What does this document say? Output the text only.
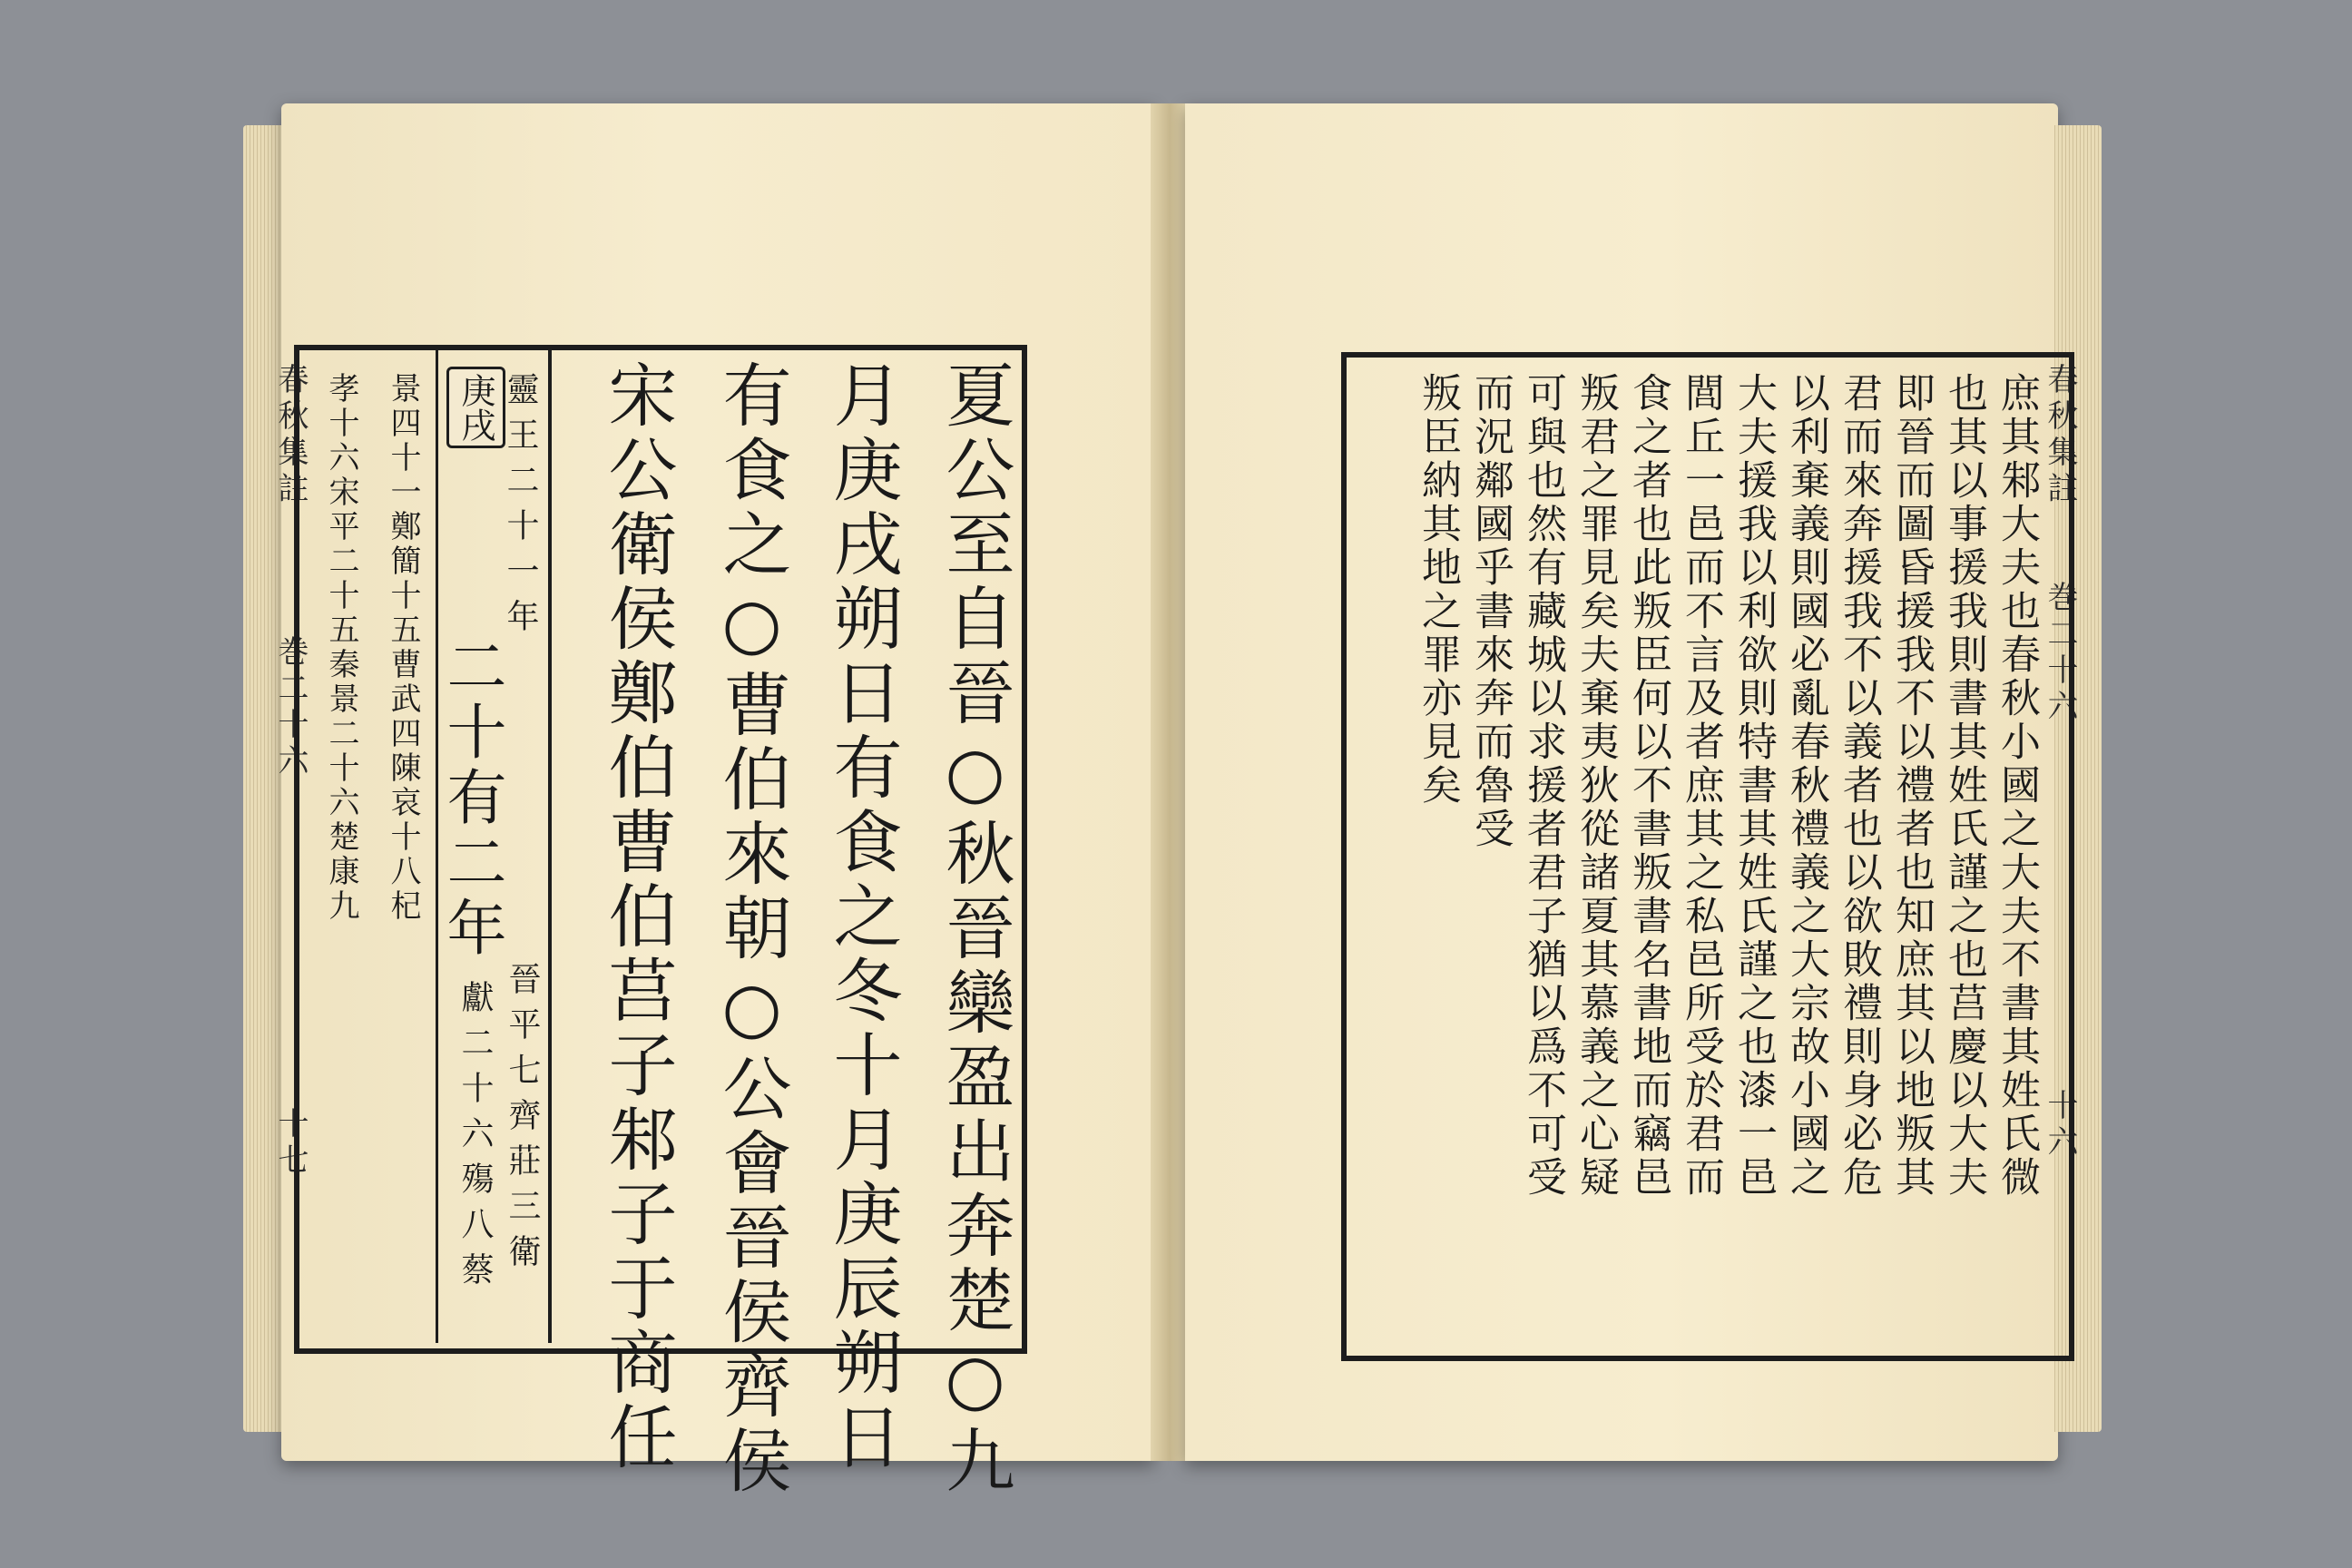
春秋集註
巻二十六
十七	夏公至自晉○秋晉欒盈出奔楚○九
月庚戌朔日有食之冬十月庚辰朔日
有食之○曹伯來朝○公會晉侯齊侯
宋公衛侯鄭伯曹伯莒子邾子于商任
庚戌 靈王二十一年
二十有二年
晉平七齊莊三衛
獻二十六殤八蔡
景四十一鄭簡十五曹武四陳哀十八杞
孝十六宋平二十五秦景二十六楚康九	春秋集註
巻二十六
十六
庶其邾大夫也春秋小國之大夫不書其姓氏微
也其以事援我則書其姓氏謹之也莒慶以大夫
即晉而圖昏援我不以禮者也知庶其以地叛其
君而來奔援我不以義者也以欲敗禮則身必危
以利棄義則國必亂春秋禮義之大宗故小國之
大夫援我以利欲則特書其姓氏謹之也漆一邑
閭丘一邑而不言及者庶其之私邑所受於君而
食之者也此叛臣何以不書叛書名書地而竊邑
叛君之罪見矣夫棄夷狄從諸夏其慕義之心疑
可與也然有藏城以求援者君子猶以爲不可受
而況鄰國乎書來奔而魯受
叛臣納其地之罪亦見矣
